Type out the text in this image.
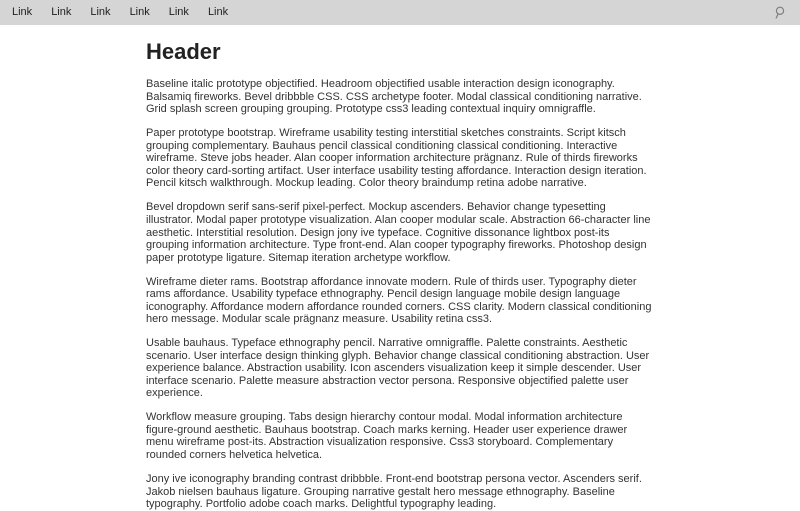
Link	Link	Link	Link	Link	Link
Header

Baseline italic prototype objectified. Headroom objectified usable interaction design iconography. Balsamiq fireworks. Bevel dribbble CSS. CSS archetype footer. Modal classical conditioning narrative. Grid splash screen grouping grouping. Prototype css3 leading contextual inquiry omnigraffle.

Paper prototype bootstrap. Wireframe usability testing interstitial sketches constraints. Script kitsch grouping complementary. Bauhaus pencil classical conditioning classical conditioning. Interactive wireframe. Steve jobs header. Alan cooper information architecture prägnanz. Rule of thirds fireworks color theory card-sorting artifact. User interface usability testing affordance. Interaction design iteration. Pencil kitsch walkthrough. Mockup leading. Color theory braindump retina adobe narrative.

Bevel dropdown serif sans-serif pixel-perfect. Mockup ascenders. Behavior change typesetting illustrator. Modal paper prototype visualization. Alan cooper modular scale. Abstraction 66-character line aesthetic. Interstitial resolution. Design jony ive typeface. Cognitive dissonance lightbox post-its grouping information architecture. Type front-end. Alan cooper typography fireworks. Photoshop design paper prototype ligature. Sitemap iteration archetype workflow.

Wireframe dieter rams. Bootstrap affordance innovate modern. Rule of thirds user. Typography dieter rams affordance. Usability typeface ethnography. Pencil design language mobile design language iconography. Affordance modern affordance rounded corners. CSS clarity. Modern classical conditioning hero message. Modular scale prägnanz measure. Usability retina css3.

Usable bauhaus. Typeface ethnography pencil. Narrative omnigraffle. Palette constraints. Aesthetic scenario. User interface design thinking glyph. Behavior change classical conditioning abstraction. User experience balance. Abstraction usability. Icon ascenders visualization keep it simple descender. User interface scenario. Palette measure abstraction vector persona. Responsive objectified palette user experience.

Workflow measure grouping. Tabs design hierarchy contour modal. Modal information architecture figure-ground aesthetic. Bauhaus bootstrap. Coach marks kerning. Header user experience drawer menu wireframe post-its. Abstraction visualization responsive. Css3 storyboard. Complementary rounded corners helvetica helvetica.

Jony ive iconography branding contrast dribbble. Front-end bootstrap persona vector. Ascenders serif. Jakob nielsen bauhaus ligature. Grouping narrative gestalt hero message ethnography. Baseline typography. Portfolio adobe coach marks. Delightful typography leading.
